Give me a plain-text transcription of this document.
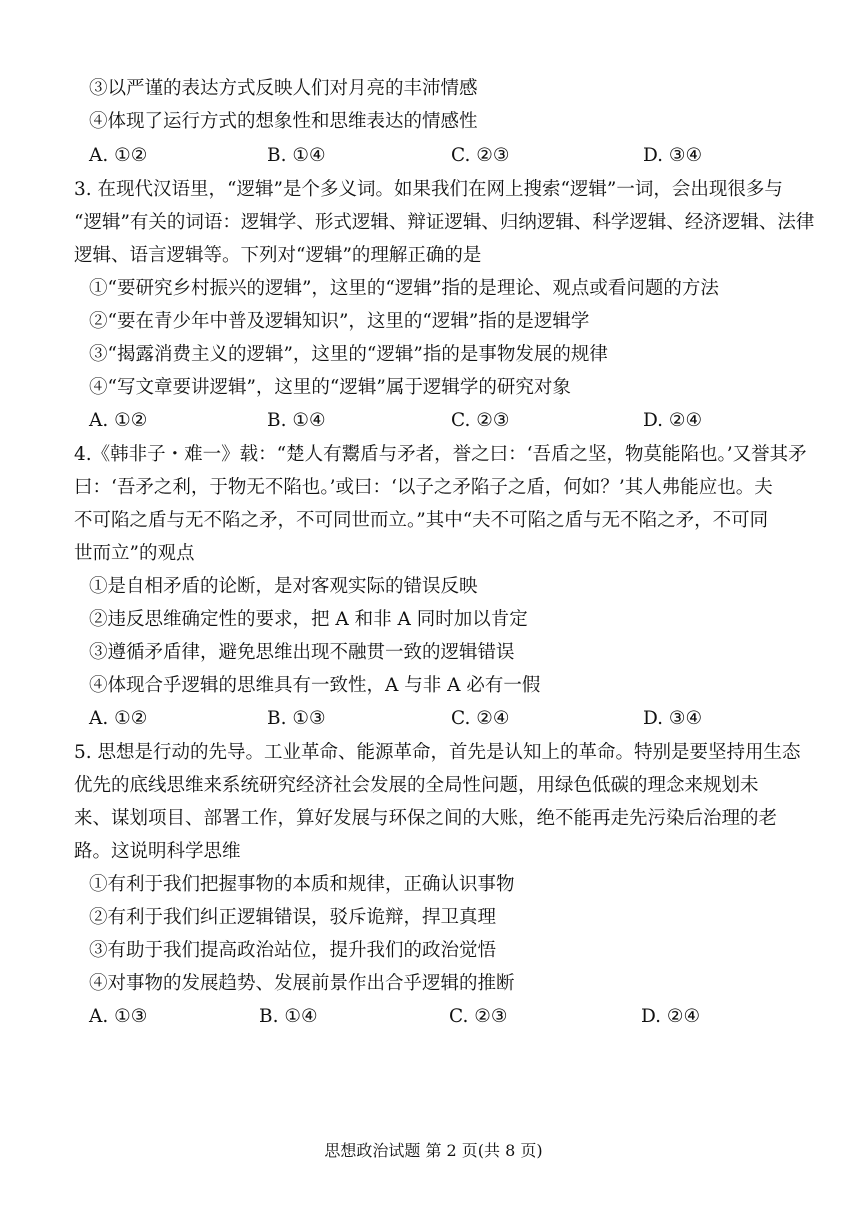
③以严谨的表达方式反映人们对月亮的丰沛情感
④体现了运行方式的想象性和思维表达的情感性
A. ①②	B. ①④	C. ②③	D. ③④
3. 在现代汉语里，“逻辑”是个多义词。如果我们在网上搜索“逻辑”一词，会出现很多与
“逻辑”有关的词语：逻辑学、形式逻辑、辩证逻辑、归纳逻辑、科学逻辑、经济逻辑、法律
逻辑、语言逻辑等。下列对“逻辑”的理解正确的是
①“要研究乡村振兴的逻辑”，这里的“逻辑”指的是理论、观点或看问题的方法
②“要在青少年中普及逻辑知识”，这里的“逻辑”指的是逻辑学
③“揭露消费主义的逻辑”，这里的“逻辑”指的是事物发展的规律
④“写文章要讲逻辑”，这里的“逻辑”属于逻辑学的研究对象
A. ①②	B. ①④	C. ②③	D. ②④
4.《韩非子・难一》载：“楚人有鬻盾与矛者，誉之曰：‘吾盾之坚，物莫能陷也。’又誉其矛
曰：‘吾矛之利，于物无不陷也。’或曰：‘以子之矛陷子之盾，何如？’其人弗能应也。夫
不可陷之盾与无不陷之矛，不可同世而立。”其中“夫不可陷之盾与无不陷之矛，不可同
世而立”的观点
①是自相矛盾的论断，是对客观实际的错误反映
②违反思维确定性的要求，把 A 和非 A 同时加以肯定
③遵循矛盾律，避免思维出现不融贯一致的逻辑错误
④体现合乎逻辑的思维具有一致性，A 与非 A 必有一假
A. ①②	B. ①③	C. ②④	D. ③④
5. 思想是行动的先导。工业革命、能源革命，首先是认知上的革命。特别是要坚持用生态
优先的底线思维来系统研究经济社会发展的全局性问题，用绿色低碳的理念来规划未
来、谋划项目、部署工作，算好发展与环保之间的大账，绝不能再走先污染后治理的老
路。这说明科学思维
①有利于我们把握事物的本质和规律，正确认识事物
②有利于我们纠正逻辑错误，驳斥诡辩，捍卫真理
③有助于我们提高政治站位，提升我们的政治觉悟
④对事物的发展趋势、发展前景作出合乎逻辑的推断
A. ①③	B. ①④	C. ②③	D. ②④
思想政治试题 第 2 页(共 8 页)
